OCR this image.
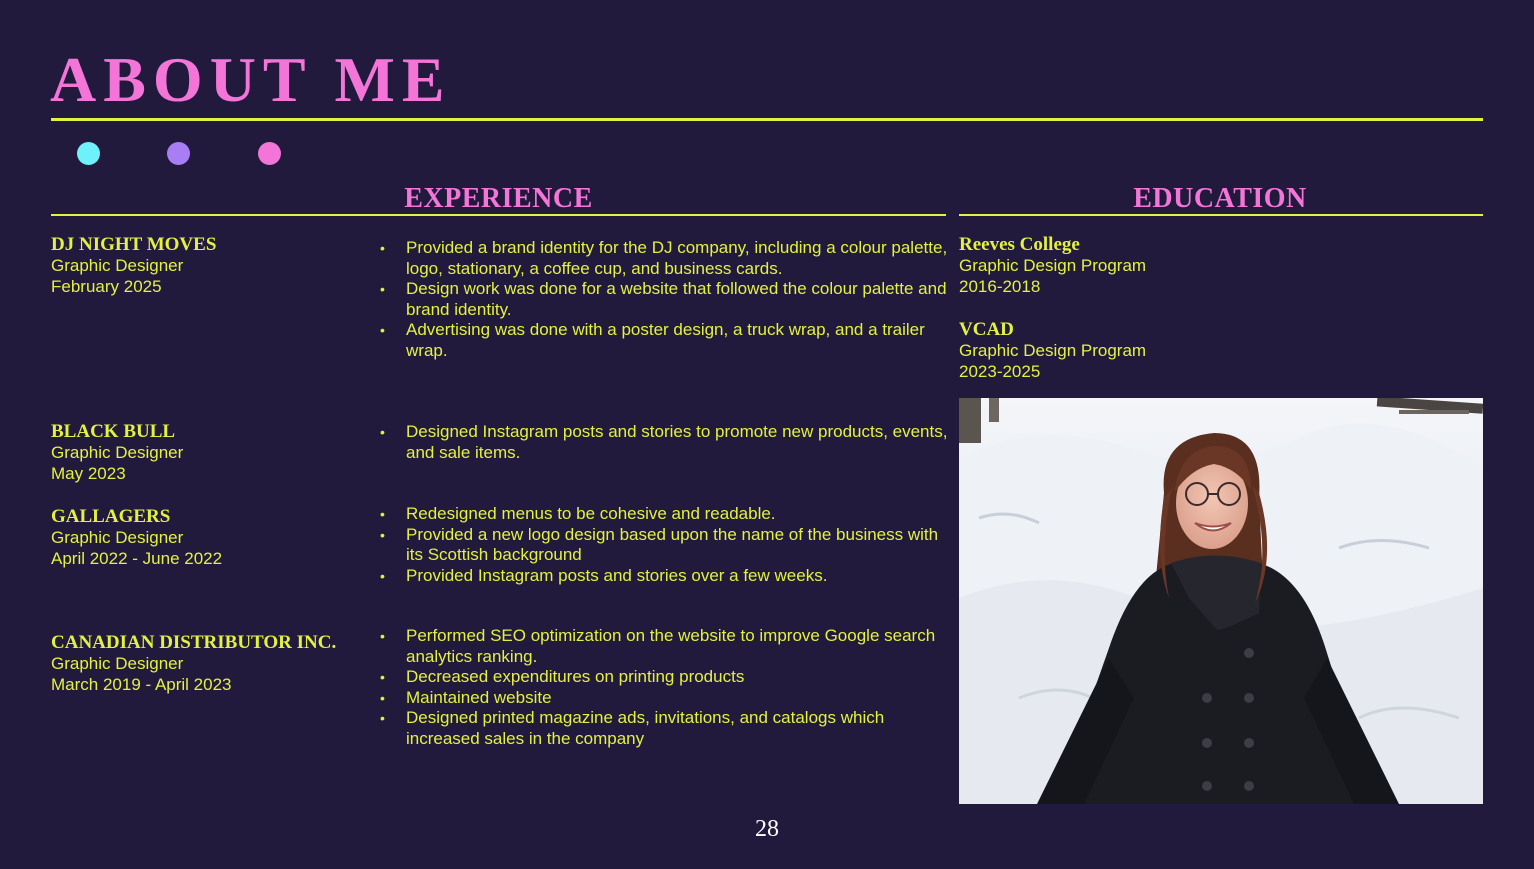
ABOUT ME
EXPERIENCE	EDUCATION
DJ NIGHT MOVES
Graphic Designer
February 2025
• Provided a brand identity for the DJ company, including a colour palette, logo, stationary, a coffee cup, and business cards.
• Design work was done for a website that followed the colour palette and brand identity.
• Advertising was done with a poster design, a truck wrap, and a trailer wrap.
BLACK BULL
Graphic Designer
May 2023
• Designed Instagram posts and stories to promote new products, events, and sale items.
GALLAGERS
Graphic Designer
April 2022 - June 2022
• Redesigned menus to be cohesive and readable.
• Provided a new logo design based upon the name of the business with its Scottish background
• Provided Instagram posts and stories over a few weeks.
CANADIAN DISTRIBUTOR INC.
Graphic Designer
March 2019 - April 2023
• Performed SEO optimization on the website to improve Google search analytics ranking.
• Decreased expenditures on printing products
• Maintained website
• Designed printed magazine ads, invitations, and catalogs which increased sales in the company
Reeves College
Graphic Design Program
2016-2018
VCAD
Graphic Design Program
2023-2025
28
